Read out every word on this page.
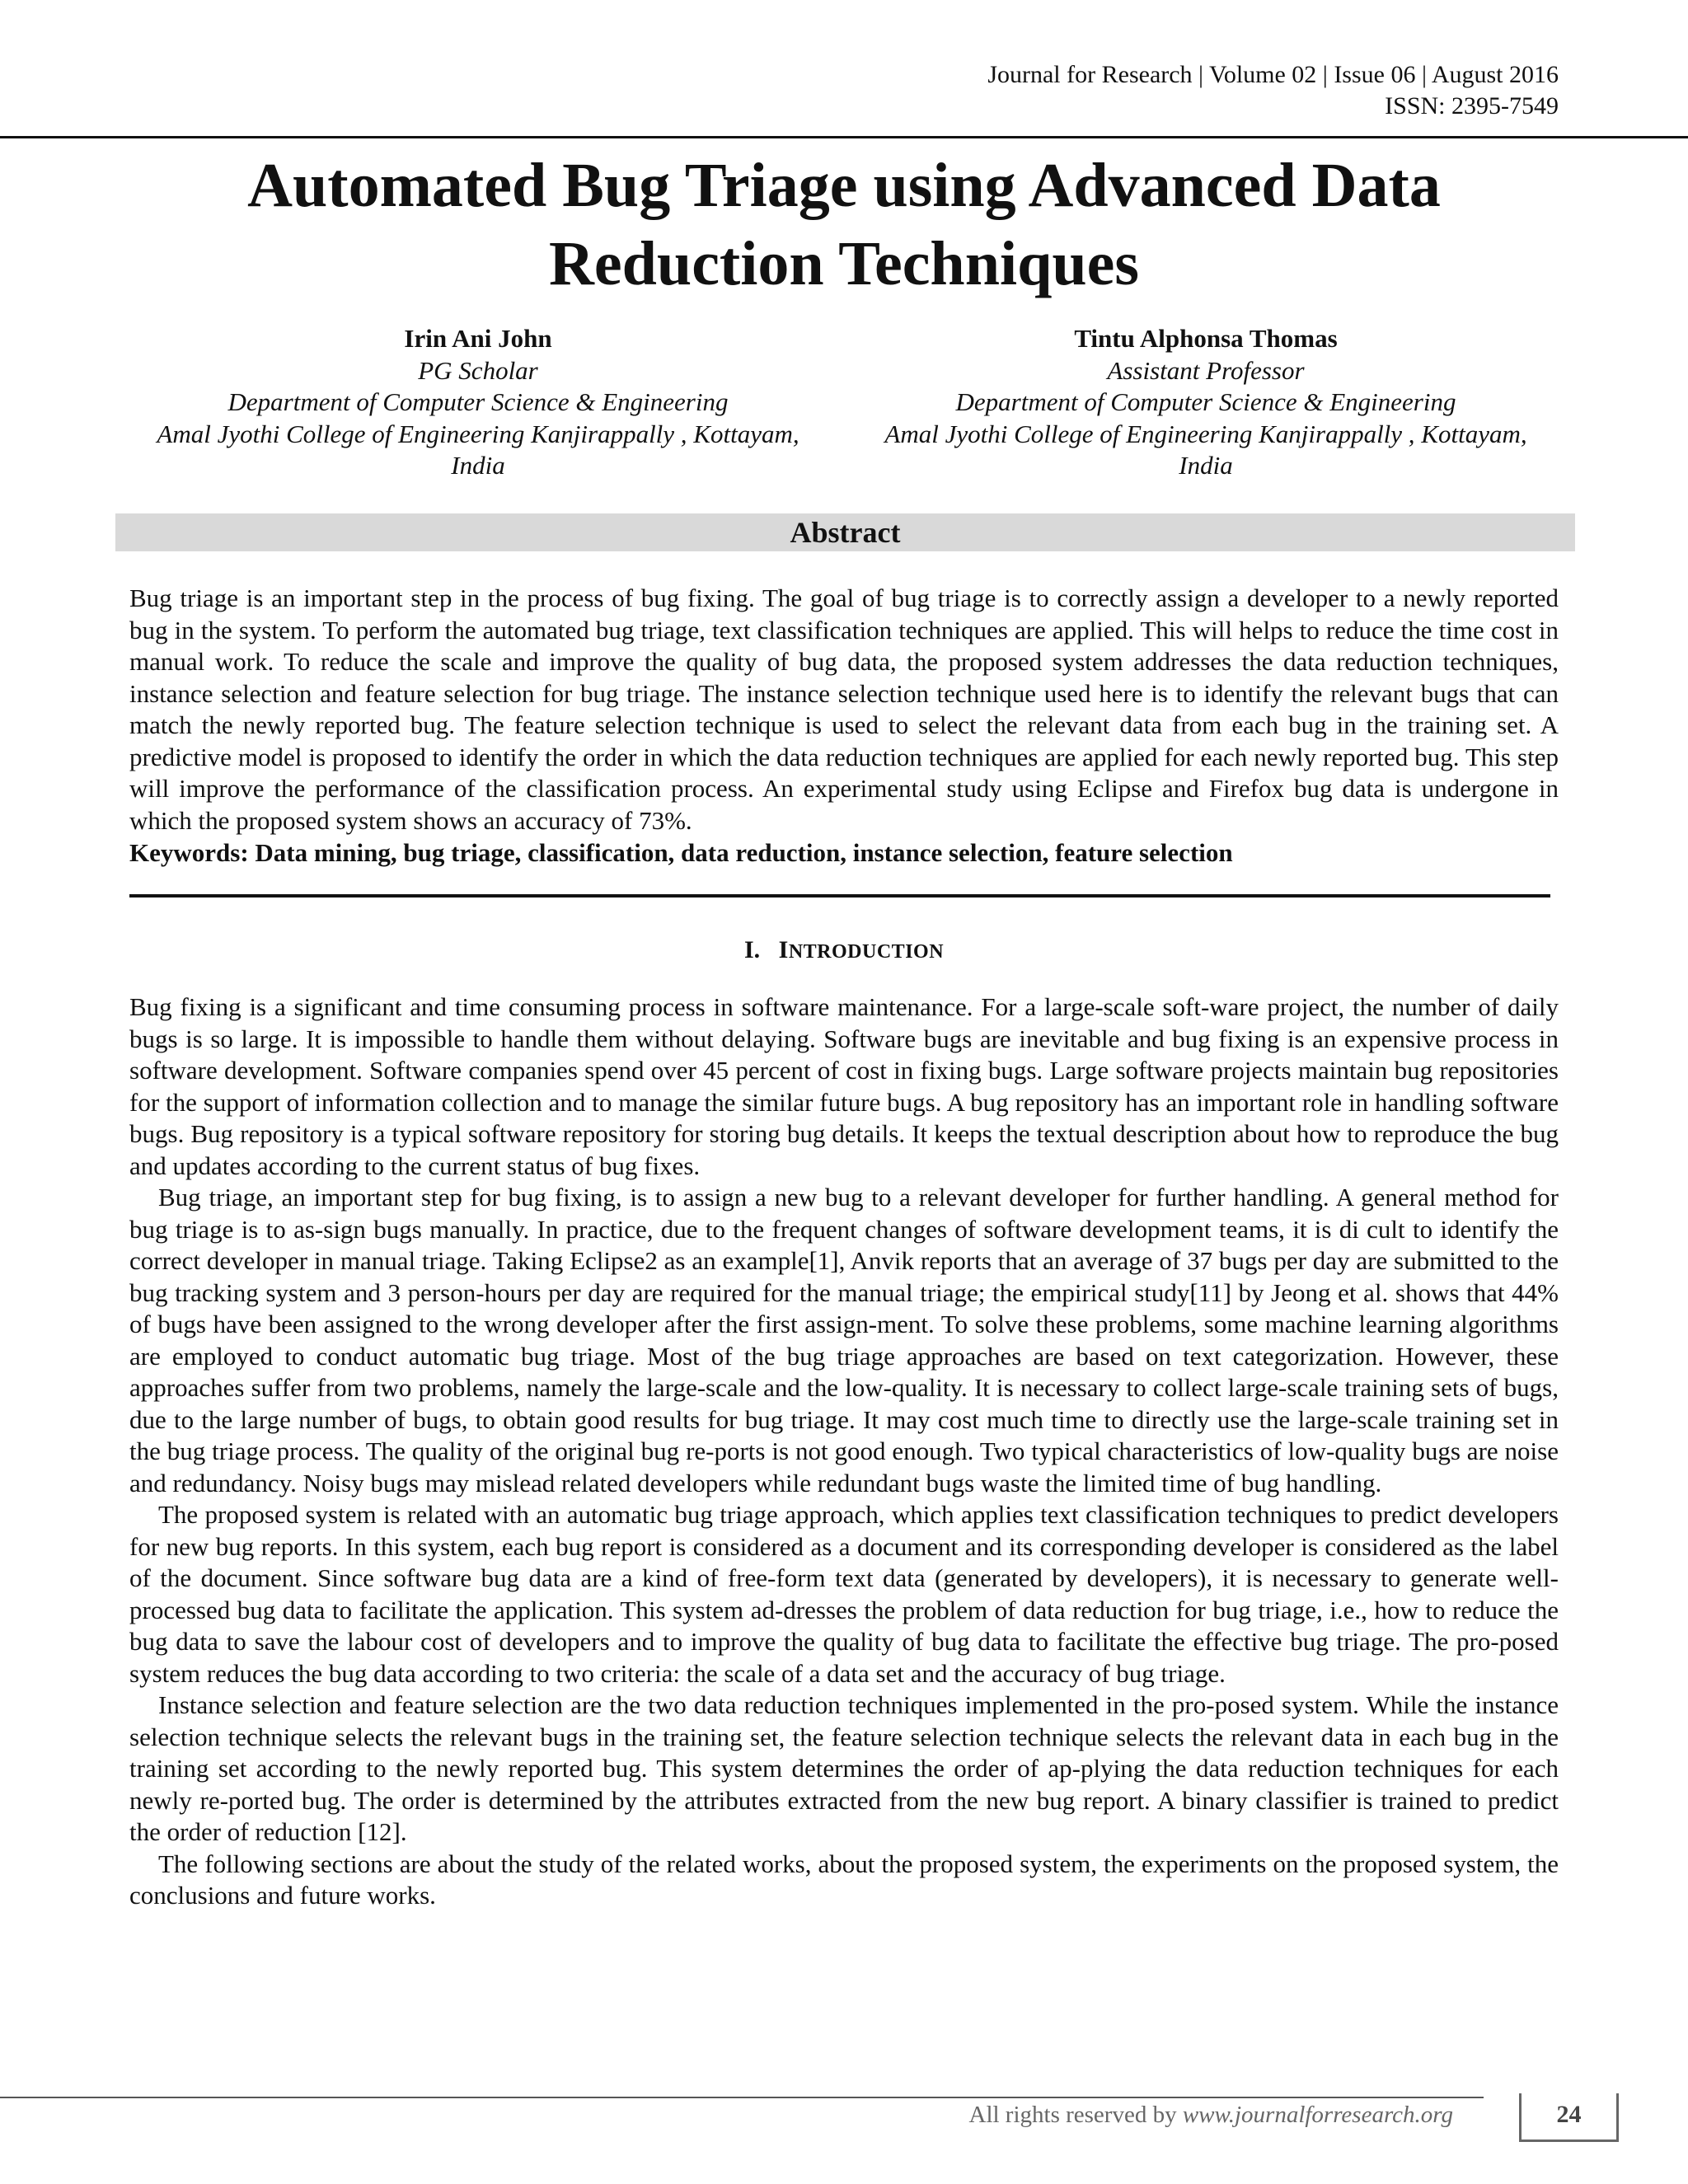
Journal for Research | Volume 02 | Issue 06 | August 2016
ISSN: 2395-7549
Automated Bug Triage using Advanced Data Reduction Techniques
Irin Ani John
PG Scholar
Department of Computer Science & Engineering
Amal Jyothi College of Engineering Kanjirappally , Kottayam,
India
Tintu Alphonsa Thomas
Assistant Professor
Department of Computer Science & Engineering
Amal Jyothi College of Engineering Kanjirappally , Kottayam,
India
Abstract

Bug triage is an important step in the process of bug fixing. The goal of bug triage is to correctly assign a developer to a newly reported bug in the system. To perform the automated bug triage, text classification techniques are applied. This will helps to reduce the time cost in manual work. To reduce the scale and improve the quality of bug data, the proposed system addresses the data reduction techniques, instance selection and feature selection for bug triage. The instance selection technique used here is to identify the relevant bugs that can match the newly reported bug. The feature selection technique is used to select the relevant data from each bug in the training set. A predictive model is proposed to identify the order in which the data reduction techniques are applied for each newly reported bug. This step will improve the performance of the classification process. An experimental study using Eclipse and Firefox bug data is undergone in which the proposed system shows an accuracy of 73%.

Keywords: Data mining, bug triage, classification, data reduction, instance selection, feature selection
I. INTRODUCTION

Bug fixing is a significant and time consuming process in software maintenance. For a large-scale soft-ware project, the number of daily bugs is so large. It is impossible to handle them without delaying. Software bugs are inevitable and bug fixing is an expensive process in software development. Software companies spend over 45 percent of cost in fixing bugs. Large software projects maintain bug repositories for the support of information collection and to manage the similar future bugs. A bug repository has an important role in handling software bugs. Bug repository is a typical software repository for storing bug details. It keeps the textual description about how to reproduce the bug and updates according to the current status of bug fixes.

Bug triage, an important step for bug fixing, is to assign a new bug to a relevant developer for further handling. A general method for bug triage is to as-sign bugs manually. In practice, due to the frequent changes of software development teams, it is di cult to identify the correct developer in manual triage. Taking Eclipse2 as an example[1], Anvik reports that an average of 37 bugs per day are submitted to the bug tracking system and 3 person-hours per day are required for the manual triage; the empirical study[11] by Jeong et al. shows that 44% of bugs have been assigned to the wrong developer after the first assign-ment. To solve these problems, some machine learning algorithms are employed to conduct automatic bug triage. Most of the bug triage approaches are based on text categorization. However, these approaches suffer from two problems, namely the large-scale and the low-quality. It is necessary to collect large-scale training sets of bugs, due to the large number of bugs, to obtain good results for bug triage. It may cost much time to directly use the large-scale training set in the bug triage process. The quality of the original bug re-ports is not good enough. Two typical characteristics of low-quality bugs are noise and redundancy. Noisy bugs may mislead related developers while redundant bugs waste the limited time of bug handling.

The proposed system is related with an automatic bug triage approach, which applies text classification techniques to predict developers for new bug reports. In this system, each bug report is considered as a document and its corresponding developer is considered as the label of the document. Since software bug data are a kind of free-form text data (generated by developers), it is necessary to generate well-processed bug data to facilitate the application. This system ad-dresses the problem of data reduction for bug triage, i.e., how to reduce the bug data to save the labour cost of developers and to improve the quality of bug data to facilitate the effective bug triage. The pro-posed system reduces the bug data according to two criteria: the scale of a data set and the accuracy of bug triage.

Instance selection and feature selection are the two data reduction techniques implemented in the pro-posed system. While the instance selection technique selects the relevant bugs in the training set, the feature selection technique selects the relevant data in each bug in the training set according to the newly reported bug. This system determines the order of ap-plying the data reduction techniques for each newly re-ported bug. The order is determined by the attributes extracted from the new bug report. A binary classifier is trained to predict the order of reduction [12].

The following sections are about the study of the related works, about the proposed system, the experiments on the proposed system, the conclusions and future works.

All rights reserved by www.journalforresearch.org	24
